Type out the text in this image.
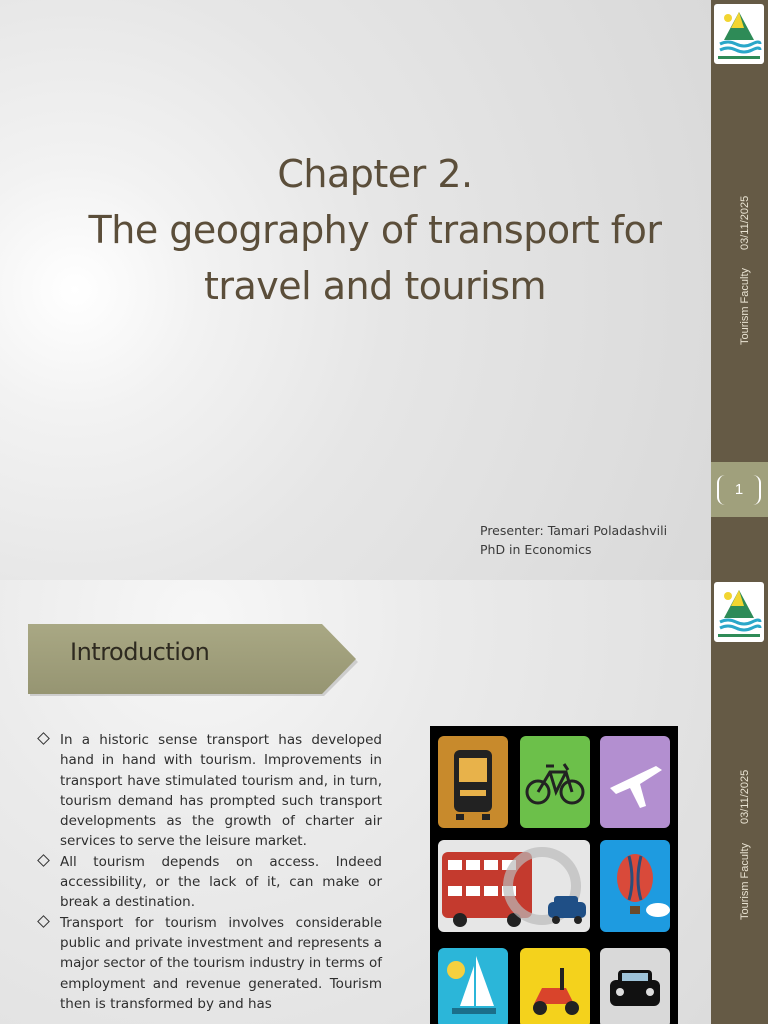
Chapter 2.
The geography of transport for
travel and tourism
Presenter: Tamari Poladashvili
PhD in Economics
03/11/2025
Tourism Faculty
1
Introduction
In a historic sense transport has developed hand in hand with tourism. Improvements in transport have stimulated tourism and, in turn, tourism demand has prompted such transport developments as the growth of charter air services to serve the leisure market.
All tourism depends on access. Indeed accessibility, or the lack of it, can make or break a destination.
Transport for tourism involves considerable public and private investment and represents a major sector of the tourism industry in terms of employment and revenue generated. Tourism then is transformed by and has
03/11/2025
Tourism Faculty
